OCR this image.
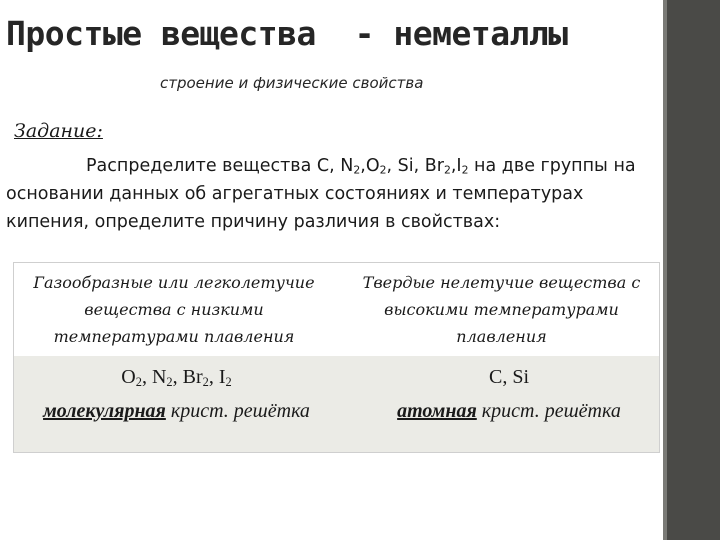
Простые вещества  - неметаллы
строение и физические свойства
Задание:

Распределите вещества С, $N_2,O_2$, Si, $Br_2,I_2$ на две группы на основании данных об агрегатных состояниях и температурах кипения, определите причину различия в свойствах:

Газообразные или легколетучие вещества с низкими температурами плавления
Твердые нелетучие вещества с высокими температурами плавления
$O_2$, $N_2$, $Br_2$, $I_2$	C, Si
молекулярная крист. решётка	атомная крист. решётка
